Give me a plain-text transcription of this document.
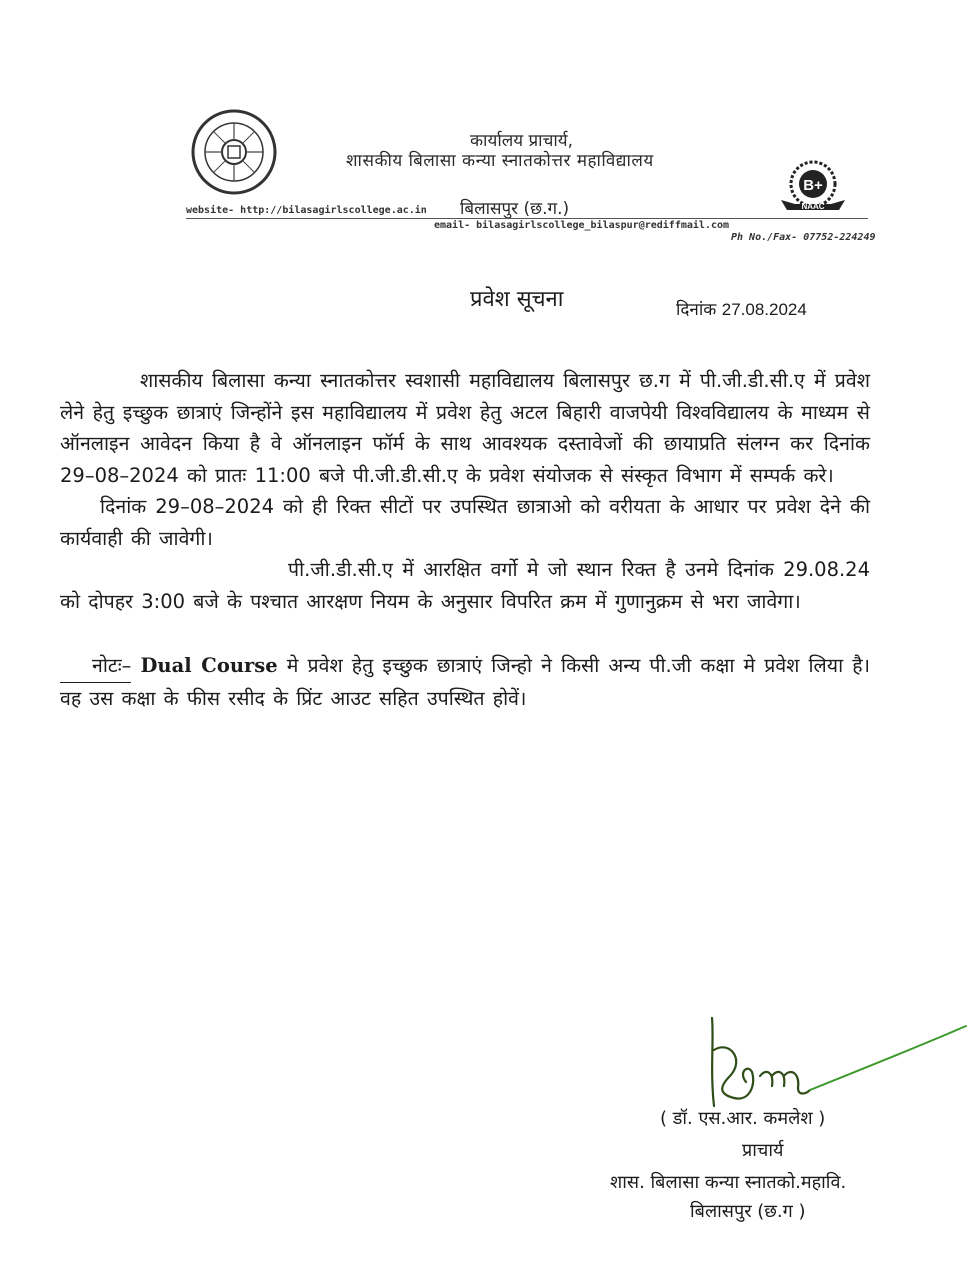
कार्यालय प्राचार्य,
शासकीय बिलासा कन्या स्नातकोत्तर महाविद्यालय
बिलासपुर (छ.ग.)
B+
NAAC
website- http://bilasagirlscollege.ac.in
email- bilasagirlscollege_bilaspur@rediffmail.com
Ph No./Fax- 07752-224249
प्रवेश सूचना	दिनांक 27.08.2024

शासकीय बिलासा कन्या स्नातकोत्तर स्वशासी महाविद्यालय बिलासपुर छ.ग में पी.जी.डी.सी.ए में प्रवेश लेने हेतु इच्छुक छात्राएं जिन्होंने इस महाविद्यालय में प्रवेश हेतु अटल बिहारी वाजपेयी विश्वविद्यालय के माध्यम से ऑनलाइन आवेदन किया है वे ऑनलाइन फॉर्म के साथ आवश्यक दस्तावेजों की छायाप्रति संलग्न कर दिनांक 29–08–2024 को प्रातः 11:00 बजे पी.जी.डी.सी.ए के प्रवेश संयोजक से संस्कृत विभाग में सम्पर्क करे।

दिनांक 29–08–2024 को ही रिक्त सीटों पर उपस्थित छात्राओ को वरीयता के आधार पर प्रवेश देने की कार्यवाही की जावेगी।

पी.जी.डी.सी.ए में आरक्षित वर्गो मे जो स्थान रिक्त है उनमे दिनांक 29.08.24 को दोपहर 3:00 बजे के पश्चात आरक्षण नियम के अनुसार विपरित क्रम में गुणानुक्रम से भरा जावेगा।

नोटः– Dual Course मे प्रवेश हेतु इच्छुक छात्राएं जिन्हो ने किसी अन्य पी.जी कक्षा मे प्रवेश लिया है। वह उस कक्षा के फीस रसीद के प्रिंट आउट सहित उपस्थित होवें।

( डॉ. एस.आर. कमलेश )
प्राचार्य
शास. बिलासा कन्या स्नातको.महावि.
बिलासपुर (छ.ग )
